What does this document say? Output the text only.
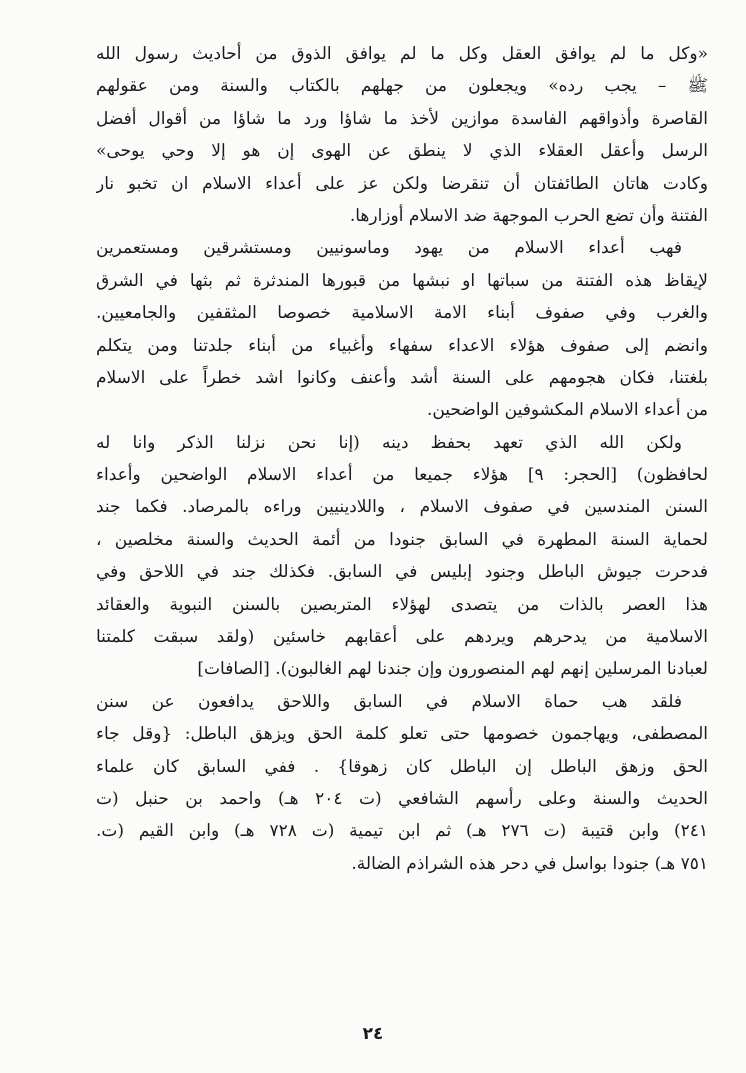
«وكل ما لم يوافق العقل وكل ما لم يوافق الذوق من أحاديث رسول الله
ﷺ – يجب رده» ويجعلون من جهلهم بالكتاب والسنة ومن عقولهم
القاصرة وأذواقهم الفاسدة موازين لأخذ ما شاؤا ورد ما شاؤا من أقوال أفضل
الرسل وأعقل العقلاء الذي لا ينطق عن الهوى إن هو إلا وحي يوحى»
وكادت هاتان الطائفتان أن تنقرضا ولكن عز على أعداء الاسلام ان تخبو نار
الفتنة وأن تضع الحرب الموجهة ضد الاسلام أوزارها.
فهب أعداء الاسلام من يهود وماسونيين ومستشرقين ومستعمرين
لإيقاظ هذه الفتنة من سباتها او نبشها من قبورها المندثرة ثم بثها في الشرق
والغرب وفي صفوف أبناء الامة الاسلامية خصوصا المثقفين والجامعيين.
وانضم إلى صفوف هؤلاء الاعداء سفهاء وأغبياء من أبناء جلدتنا ومن يتكلم
بلغتنا، فكان هجومهم على السنة أشد وأعنف وكانوا اشد خطراً على الاسلام
من أعداء الاسلام المكشوفين الواضحين.
ولكن الله الذي تعهد بحفظ دينه (إنا نحن نزلنا الذكر وانا له
لحافظون) [الحجر: ٩] هؤلاء جميعا من أعداء الاسلام الواضحين وأعداء
السنن المندسين في صفوف الاسلام ، واللادينيين وراءه بالمرصاد. فكما جند
لحماية السنة المطهرة في السابق جنودا من أئمة الحديث والسنة مخلصين ،
فدحرت جيوش الباطل وجنود إبليس في السابق. فكذلك جند في اللاحق وفي
هذا العصر بالذات من يتصدى لهؤلاء المتربصين بالسنن النبوية والعقائد
الاسلامية من يدحرهم ويردهم على أعقابهم خاسئين (ولقد سبقت كلمتنا
لعبادنا المرسلين إنهم لهم المنصورون وإن جندنا لهم الغالبون). [الصافات]
فلقد هب حماة الاسلام في السابق واللاحق يدافعون عن سنن
المصطفى، ويهاجمون خصومها حتى تعلو كلمة الحق ويزهق الباطل: {وقل جاء
الحق وزهق الباطل إن الباطل كان زهوقا} . ففي السابق كان علماء
الحديث والسنة وعلى رأسهم الشافعي (ت ٢٠٤ هـ) واحمد بن حنبل (ت
٢٤١) وابن قتيبة (ت ٢٧٦ هـ) ثم ابن تيمية (ت ٧٢٨ هـ) وابن القيم (ت.
٧٥١ هـ) جنودا بواسل في دحر هذه الشراذم الضالة.
٢٤
